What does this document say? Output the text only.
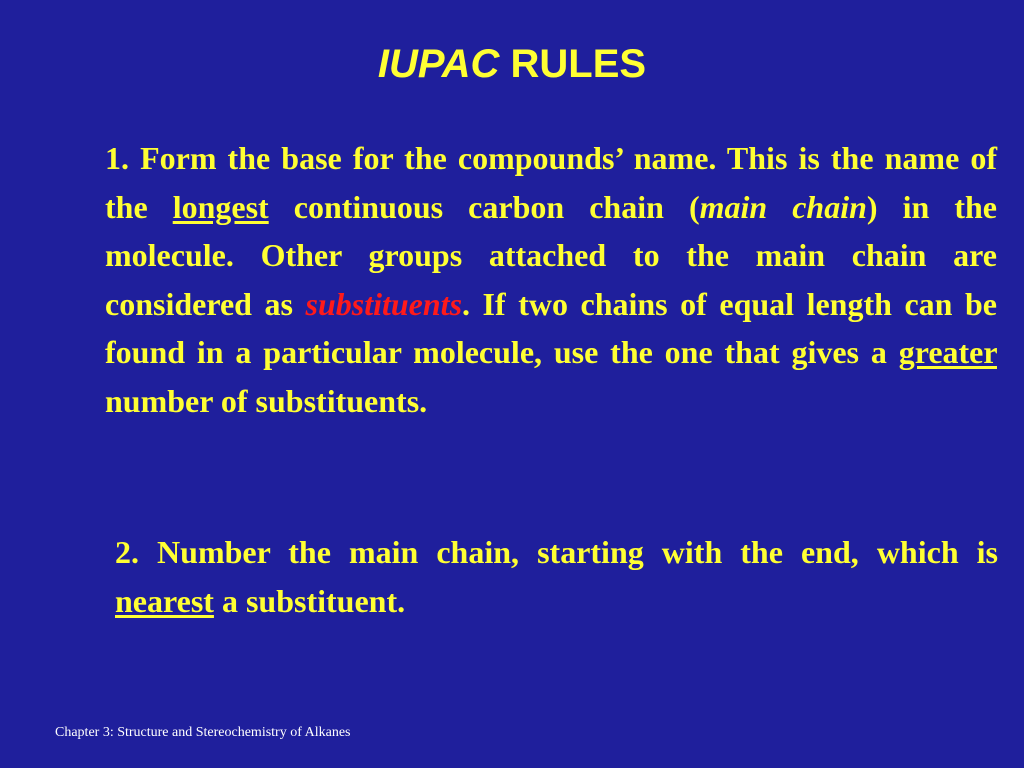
IUPAC RULES

1. Form the base for the compounds’ name. This is the name of the longest continuous carbon chain (main chain) in the molecule. Other groups attached to the main chain are considered as substituents. If two chains of equal length can be found in a particular molecule, use the one that gives a greater number of substituents.

2. Number the main chain, starting with the end, which is nearest a substituent.

Chapter 3: Structure and Stereochemistry of Alkanes
